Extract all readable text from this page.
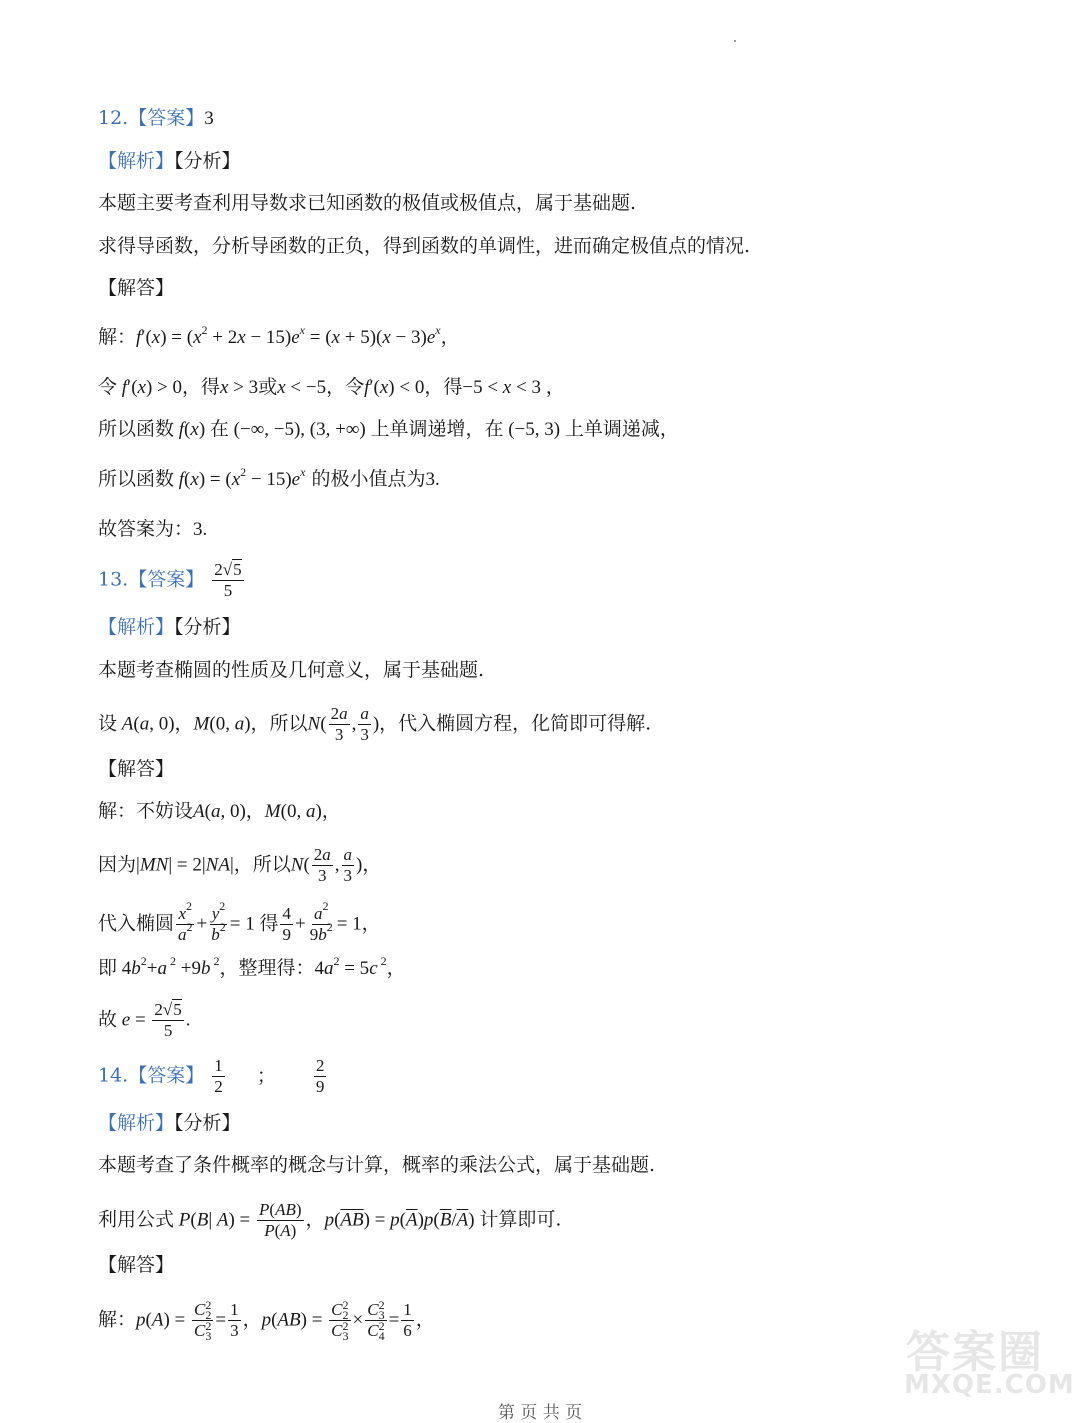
12.【答案】3
【解析】【分析】
本题主要考查利用导数求已知函数的极值或极值点，属于基础题.
求得导函数，分析导函数的正负，得到函数的单调性，进而确定极值点的情况.
【解答】
解：$f'(x) = (x^2 + 2x - 15)e^x = (x + 5)(x - 3)e^x$，
令 f′(x) > 0，得x > 3或x < −5，令f′(x) < 0，得−5 < x < 3 ，
所以函数 f(x) 在 (−∞, −5), (3, +∞) 上单调递增，在 (−5, 3) 上单调递减，
所以函数 $f(x) = (x^2 - 15)e^x$ 的极小值点为3.
故答案为：3.
13.【答案】 $\frac{2√5}{5}$
【解析】【分析】
本题考查椭圆的性质及几何意义，属于基础题.
设 A(a, 0)，M(0, a)，所以$N( \frac{2a}{3}$ , $\frac{a}{3}$ )，代入椭圆方程，化简即可得解.
【解答】
解：不妨设A(a, 0)，M(0, a)，
因为|MN| = 2|NA|，所以$N( \frac{2a}{3}$ , $\frac{a}{3}$ )，
代入椭圆 $\frac{x^2}{a^2} + \frac{y^2}{b^2} = 1$ 得 $\frac{4}{9} + \frac{a^2}{9b^2} = 1$，
即 $4b^2+a$ $^2$ +9b $^2$，整理得：$4a^2 = 5c$ $^2$，
故 $e = \frac{2√5}{5}$ .
14.【答案】 $\frac{1}{2}$ ； $\frac{2}{9}$
【解析】【分析】
本题考查了条件概率的概念与计算，概率的乘法公式，属于基础题.
利用公式 P(B| $A) = \frac{P(AB)}{P(A)}$ ，$p(\overline{AB}) = p(\overline{A})p(\overline{B}/\overline{A})$ 计算即可.
【解答】
解：$p(A) = \frac{C^2_2}{C^2_3} = \frac{1}{3}$ ，$p(AB) = \frac{C^2_2}{C^2_3} \times \frac{C^2_3}{C^2_4} = \frac{1}{6}$ ，
答案圈
MXQE.COM
第 页 共 页
